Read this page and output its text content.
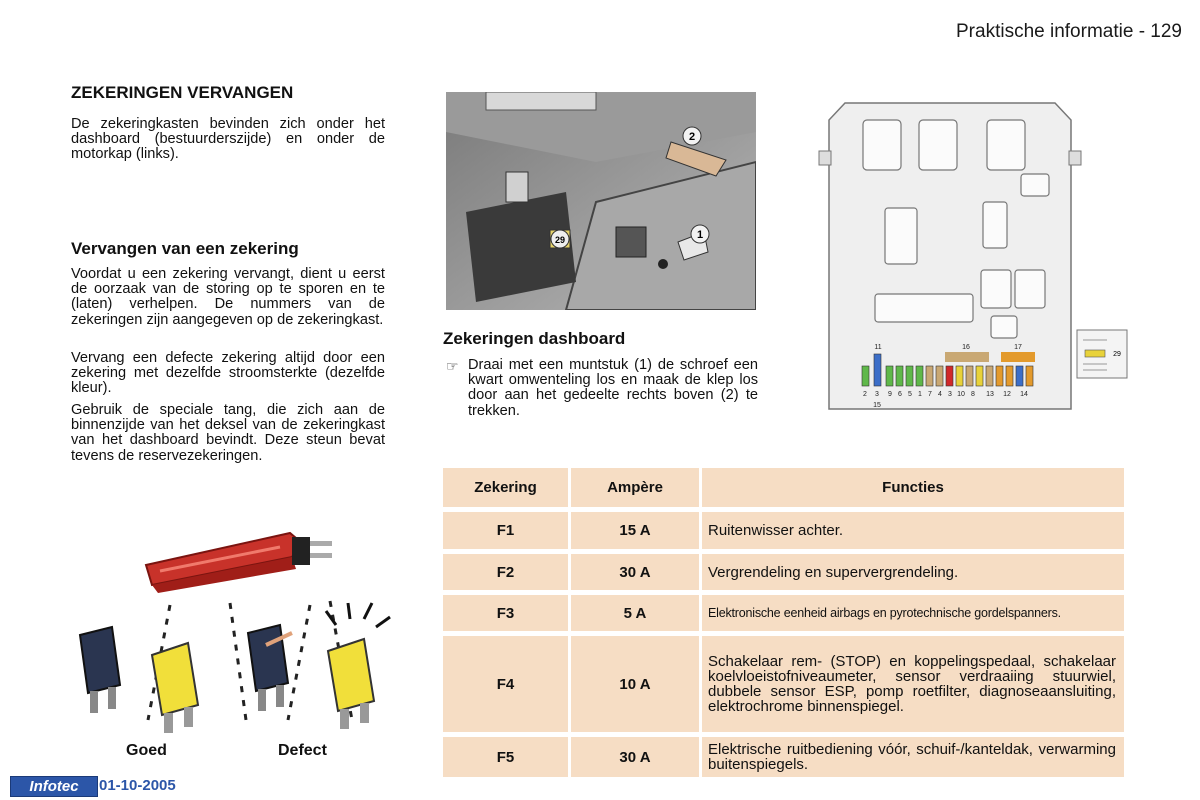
Praktische informatie - 129
ZEKERINGEN VERVANGEN

De zekeringkasten bevinden zich onder het dashboard (bestuurderszijde) en onder de motorkap (links).

Vervangen van een zekering

Voordat u een zekering vervangt, dient u eerst de oorzaak van de storing op te sporen en te (laten) verhelpen. De nummers van de zekeringen zijn aangegeven op de zekeringkast.

Vervang een defecte zekering altijd door een zekering met dezelfde stroomsterkte (dezelfde kleur).

Gebruik de speciale tang, die zich aan de binnenzijde van het deksel van de zekeringkast van het dashboard bevindt. Deze steun bevat tevens de reservezekeringen.

Goed	Defect
1
2
29
Zekeringen dashboard
☞ Draai met een muntstuk (1) de schroef een kwart omwenteling los en maak de klep los door aan het gedeelte rechts boven (2) te trekken.

16	17
11
2 3 9 6 5 1 7 4 3 10 8 13 12 14
15
29
Zekering	Ampère	Functies
F1	15 A	Ruitenwisser achter.
F2	30 A	Vergrendeling en supervergrendeling.
F3	5 A	Elektronische eenheid airbags en pyrotechnische gordelspanners.
F4	10 A	Schakelaar rem- (STOP) en koppelingspedaal, schakelaar koelvloeistofniveaumeter, sensor verdraaiing stuurwiel, dubbele sensor ESP, pomp roetfilter, diagnoseaansluiting, elektrochrome binnenspiegel.
F5	30 A	Elektrische ruitbediening vóór, schuif-/kanteldak, verwarming buitenspiegels.
Infotec	01-10-2005
